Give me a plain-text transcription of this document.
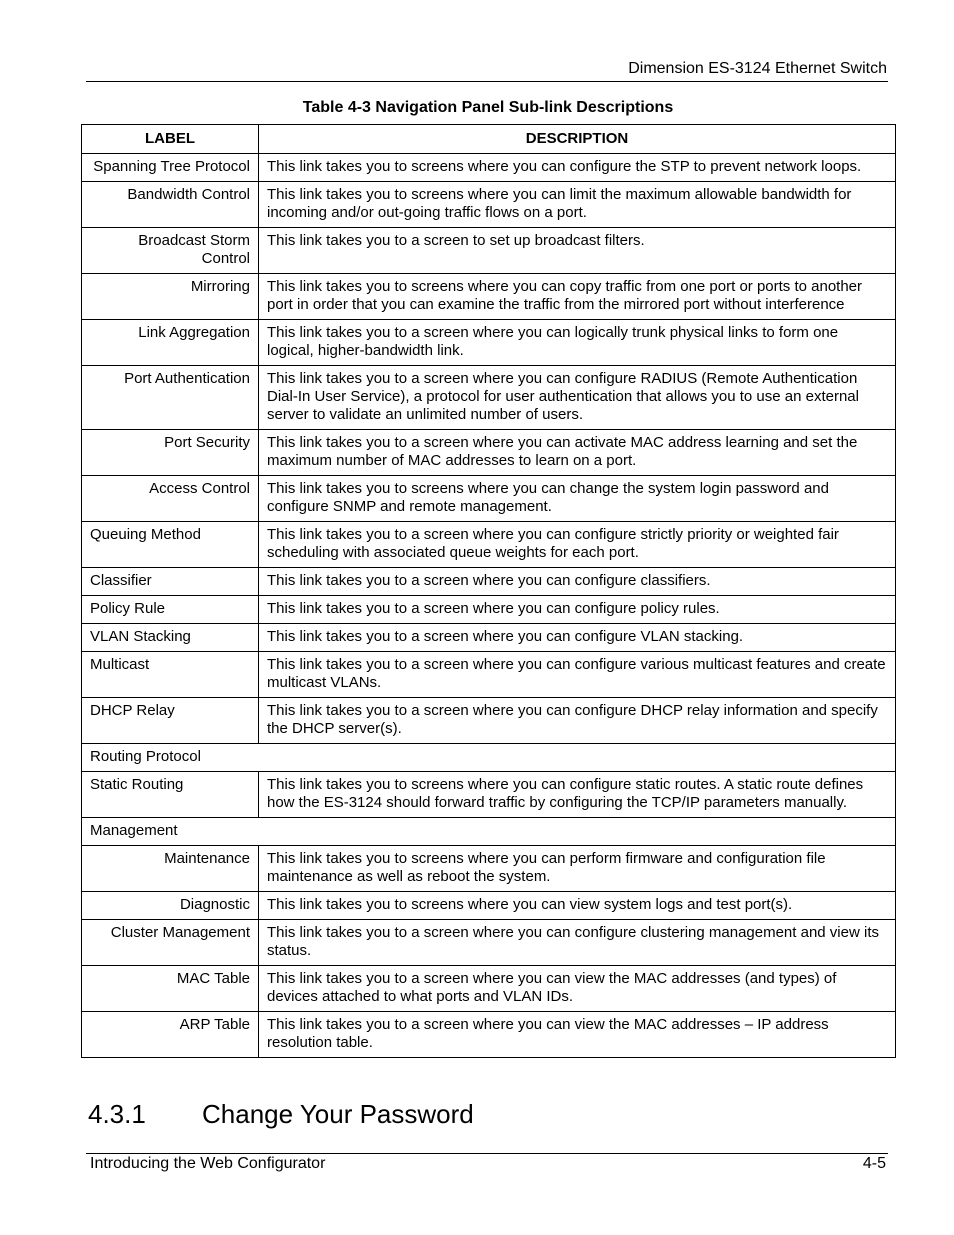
Dimension ES-3124 Ethernet Switch
Table 4-3 Navigation Panel Sub-link Descriptions
LABEL	DESCRIPTION
Spanning Tree Protocol	This link takes you to screens where you can configure the STP to prevent network loops.
Bandwidth Control	This link takes you to screens where you can limit the maximum allowable bandwidth for incoming and/or out-going traffic flows on a port.
Broadcast Storm Control	This link takes you to a screen to set up broadcast filters.
Mirroring	This link takes you to screens where you can copy traffic from one port or ports to another port in order that you can examine the traffic from the mirrored port without interference
Link Aggregation	This link takes you to a screen where you can logically trunk physical links to form one logical, higher-bandwidth link.
Port Authentication	This link takes you to a screen where you can configure RADIUS (Remote Authentication Dial-In User Service), a protocol for user authentication that allows you to use an external server to validate an unlimited number of users.
Port Security	This link takes you to a screen where you can activate MAC address learning and set the maximum number of MAC addresses to learn on a port.
Access Control	This link takes you to screens where you can change the system login password and configure SNMP and remote management.
Queuing Method	This link takes you to a screen where you can configure strictly priority or weighted fair scheduling with associated queue weights for each port.
Classifier	This link takes you to a screen where you can configure classifiers.
Policy Rule	This link takes you to a screen where you can configure policy rules.
VLAN Stacking	This link takes you to a screen where you can configure VLAN stacking.
Multicast	This link takes you to a screen where you can configure various multicast features and create multicast VLANs.
DHCP Relay	This link takes you to a screen where you can configure DHCP relay information and specify the DHCP server(s).
Routing Protocol	
Static Routing	This link takes you to screens where you can configure static routes. A static route defines how the ES-3124 should forward traffic by configuring the TCP/IP parameters manually.
Management	
Maintenance	This link takes you to screens where you can perform firmware and configuration file maintenance as well as reboot the system.
Diagnostic	This link takes you to screens where you can view system logs and test port(s).
Cluster Management	This link takes you to a screen where you can configure clustering management and view its status.
MAC Table	This link takes you to a screen where you can view the MAC addresses (and types) of devices attached to what ports and VLAN IDs.
ARP Table	This link takes you to a screen where you can view the MAC addresses – IP address resolution table.
4.3.1 Change Your Password
Introducing the Web Configurator	4-5
